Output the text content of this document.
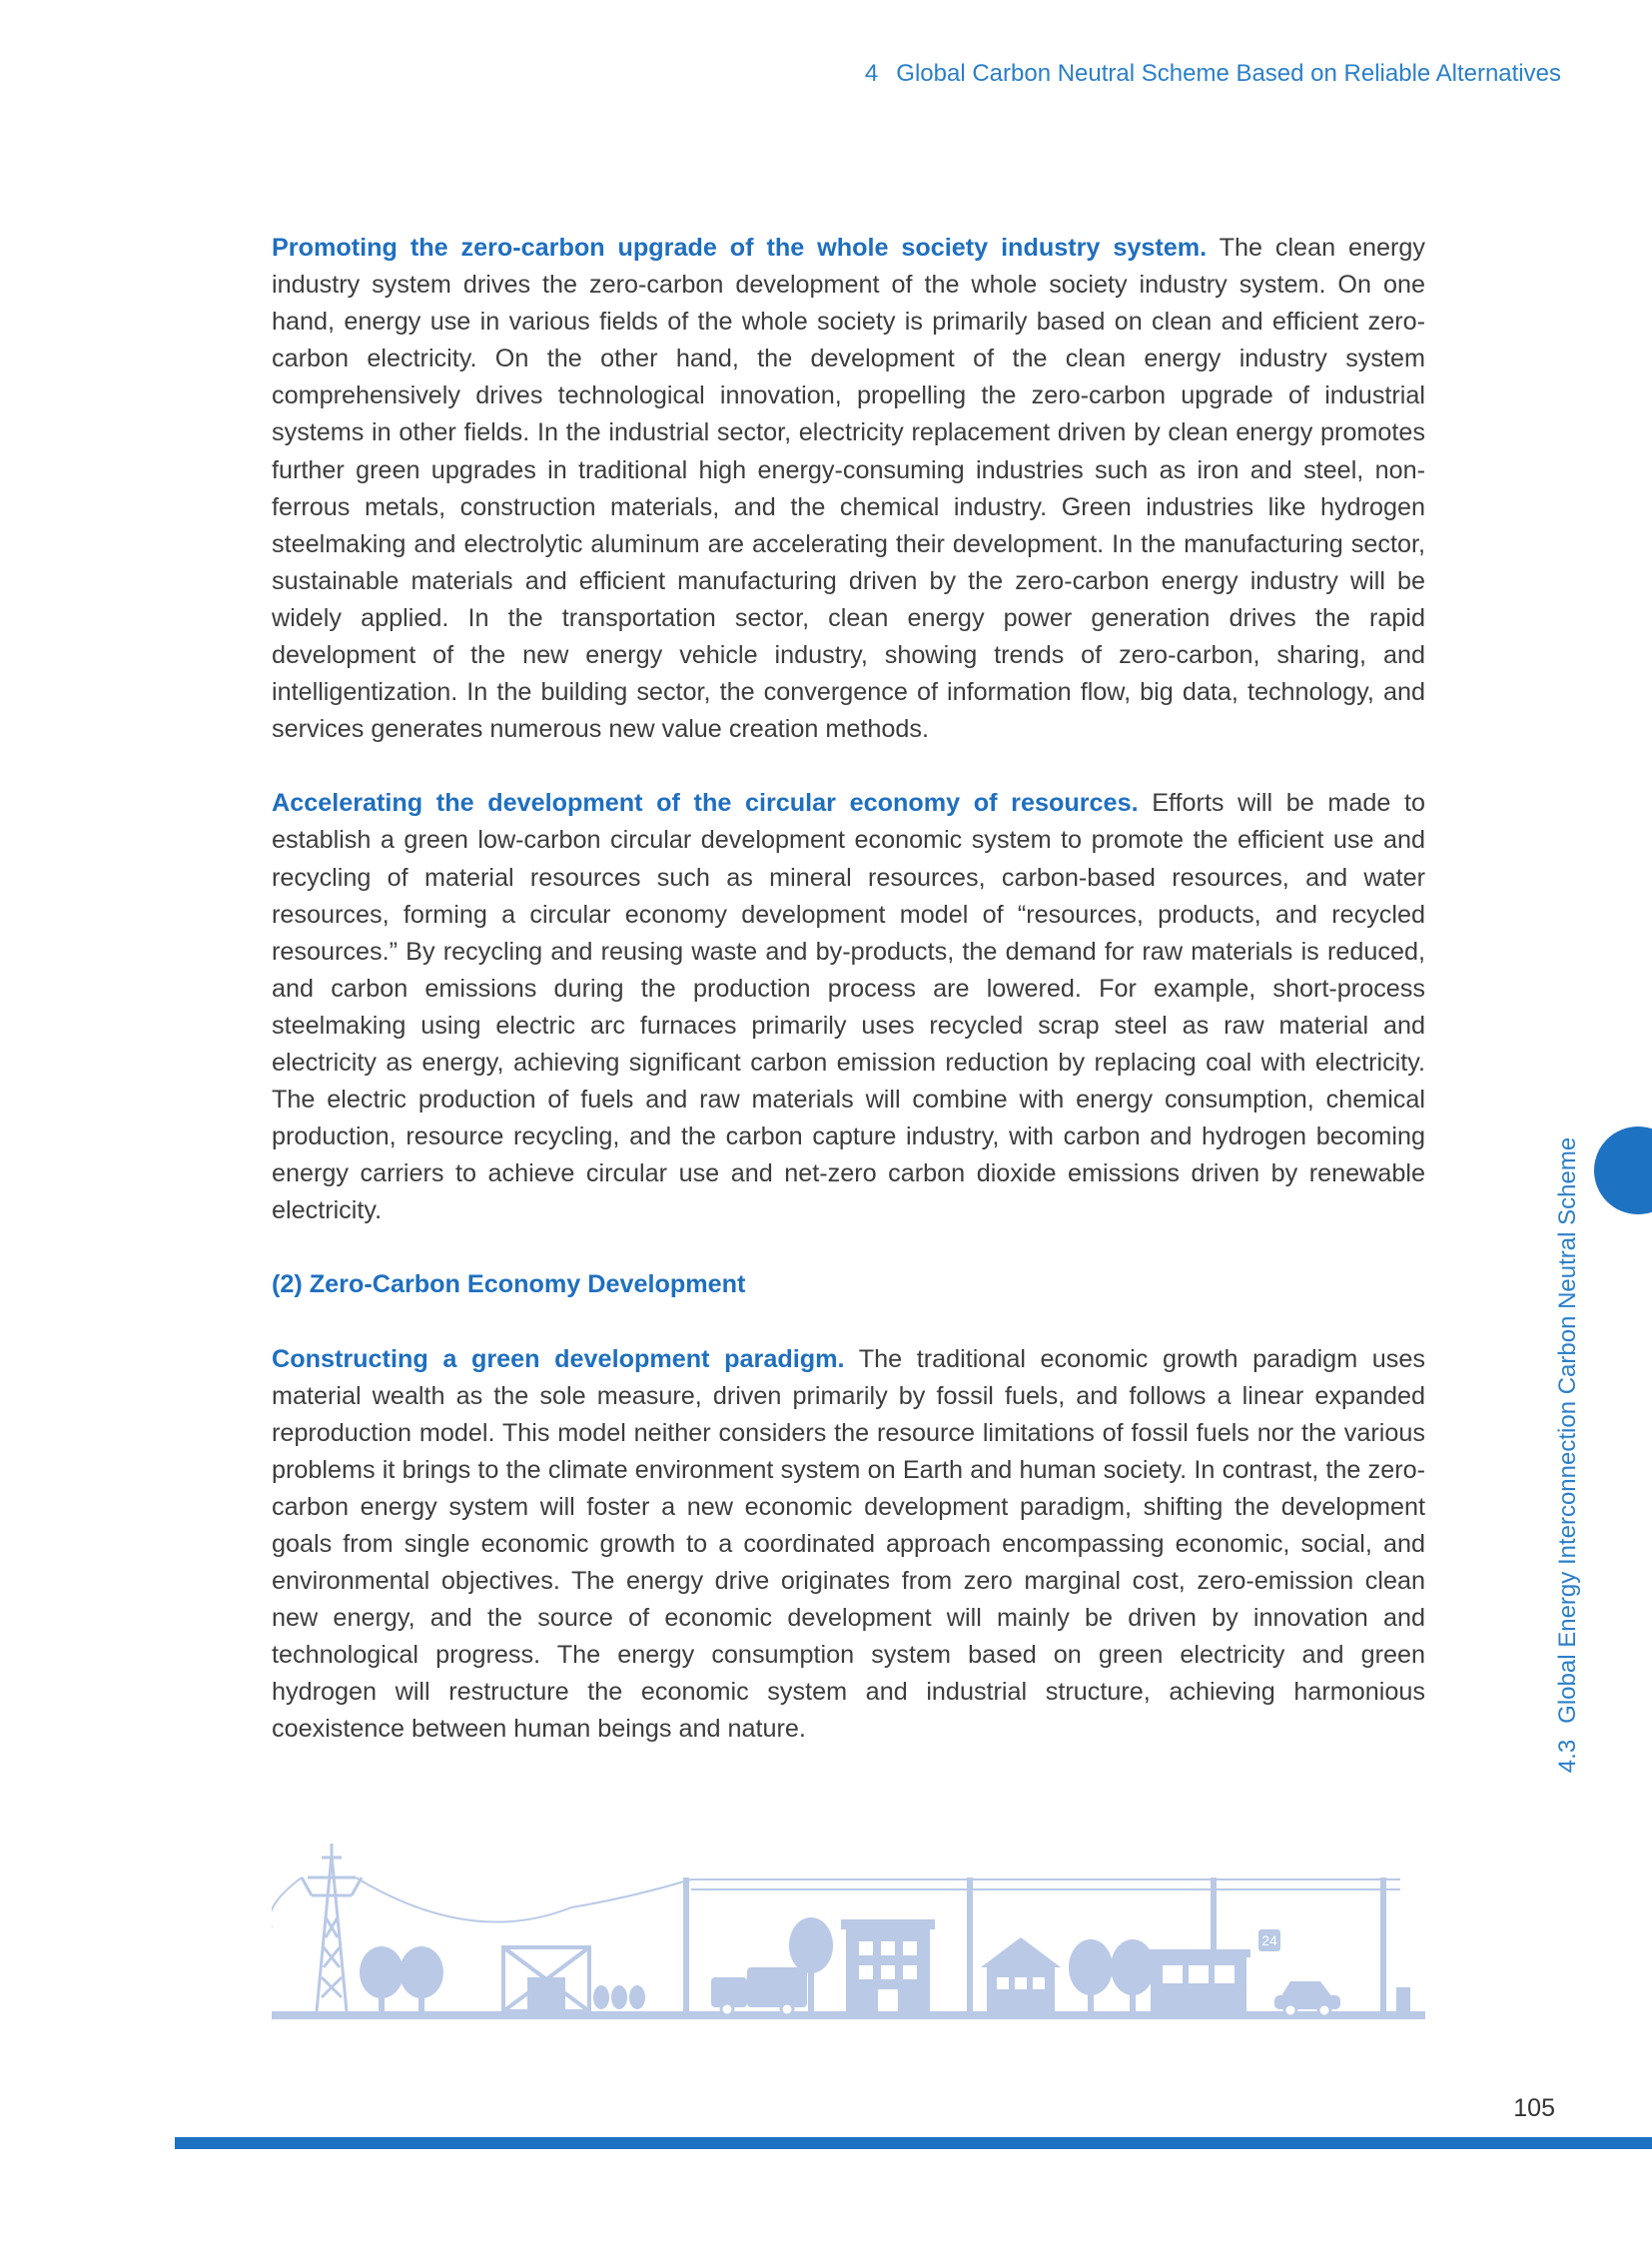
4 Global Carbon Neutral Scheme Based on Reliable Alternatives

Promoting the zero-carbon upgrade of the whole society industry system. The clean energy industry system drives the zero-carbon development of the whole society industry system. On one hand, energy use in various fields of the whole society is primarily based on clean and efficient zero-carbon electricity. On the other hand, the development of the clean energy industry system comprehensively drives technological innovation, propelling the zero-carbon upgrade of industrial systems in other fields. In the industrial sector, electricity replacement driven by clean energy promotes further green upgrades in traditional high energy-consuming industries such as iron and steel, non-ferrous metals, construction materials, and the chemical industry. Green industries like hydrogen steelmaking and electrolytic aluminum are accelerating their development. In the manufacturing sector, sustainable materials and efficient manufacturing driven by the zero-carbon energy industry will be widely applied. In the transportation sector, clean energy power generation drives the rapid development of the new energy vehicle industry, showing trends of zero-carbon, sharing, and intelligentization. In the building sector, the convergence of information flow, big data, technology, and services generates numerous new value creation methods.

Accelerating the development of the circular economy of resources. Efforts will be made to establish a green low-carbon circular development economic system to promote the efficient use and recycling of material resources such as mineral resources, carbon-based resources, and water resources, forming a circular economy development model of “resources, products, and recycled resources.” By recycling and reusing waste and by-products, the demand for raw materials is reduced, and carbon emissions during the production process are lowered. For example, short-process steelmaking using electric arc furnaces primarily uses recycled scrap steel as raw material and electricity as energy, achieving significant carbon emission reduction by replacing coal with electricity. The electric production of fuels and raw materials will combine with energy consumption, chemical production, resource recycling, and the carbon capture industry, with carbon and hydrogen becoming energy carriers to achieve circular use and net-zero carbon dioxide emissions driven by renewable electricity.

(2) Zero-Carbon Economy Development

Constructing a green development paradigm. The traditional economic growth paradigm uses material wealth as the sole measure, driven primarily by fossil fuels, and follows a linear expanded reproduction model. This model neither considers the resource limitations of fossil fuels nor the various problems it brings to the climate environment system on Earth and human society. In contrast, the zero-carbon energy system will foster a new economic development paradigm, shifting the development goals from single economic growth to a coordinated approach encompassing economic, social, and environmental objectives. The energy drive originates from zero marginal cost, zero-emission clean new energy, and the source of economic development will mainly be driven by innovation and technological progress. The energy consumption system based on green electricity and green hydrogen will restructure the economic system and industrial structure, achieving harmonious coexistence between human beings and nature.

4.3Global Energy Interconnection Carbon Neutral Scheme
24
105
